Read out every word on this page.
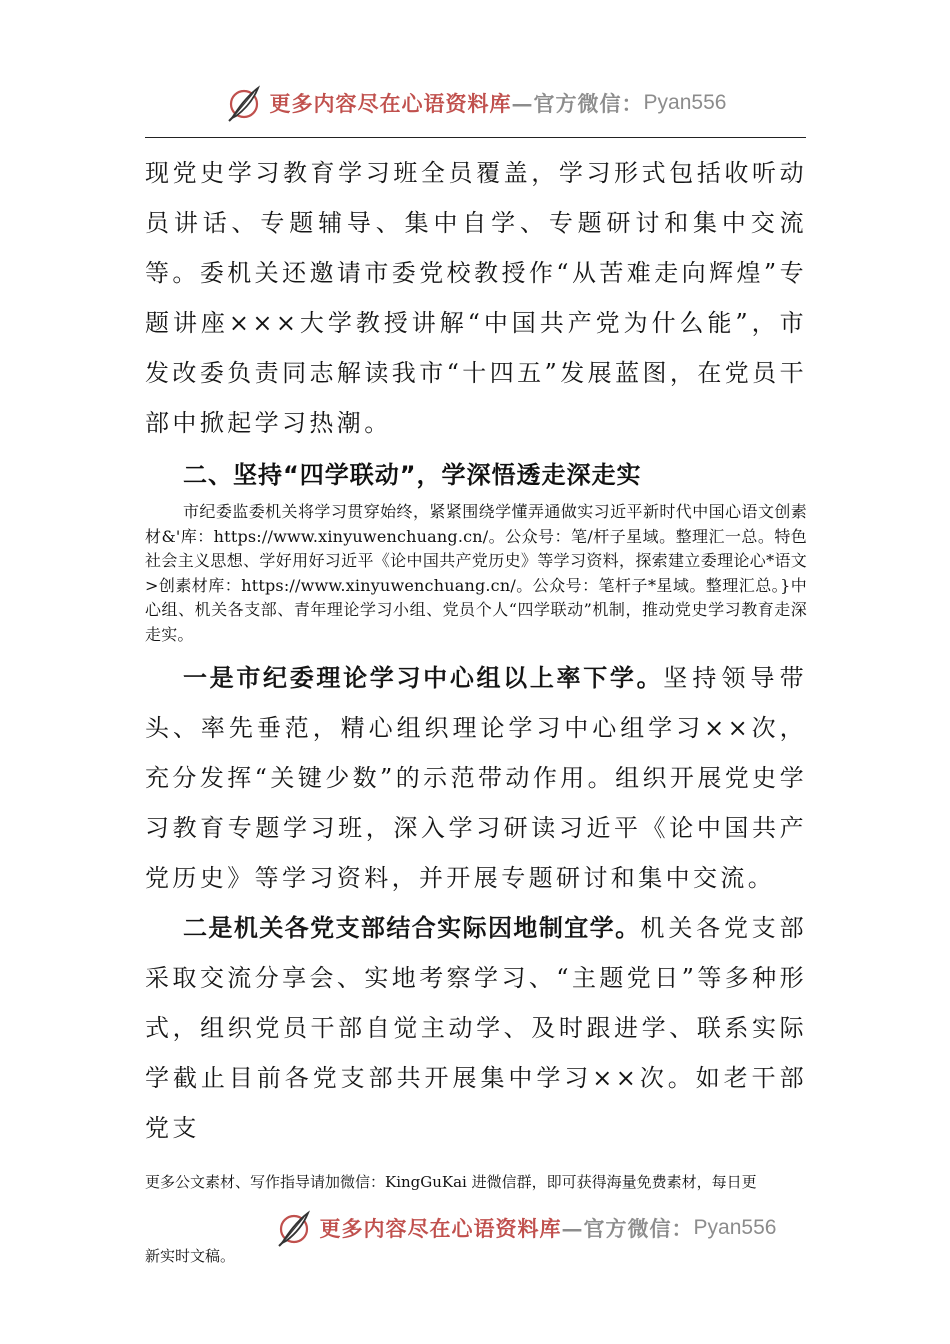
更多内容尽在心语资料库 —官方微信： Pyan556

现党史学习教育学习班全员覆盖，学习形式包括收听动员讲话、专题辅导、集中自学、专题研讨和集中交流等。委机关还邀请市委党校教授作“从苦难走向辉煌”专题讲座×××大学教授讲解“中国共产党为什么能”，市发改委负责同志解读我市“十四五”发展蓝图，在党员干部中掀起学习热潮。

二、坚持“四学联动”，学深悟透走深走实

市纪委监委机关将学习贯穿始终，紧紧围绕学懂弄通做实习近平新时代中国心语文创素材&'库：https://www.xinyuwenchuang.cn/。公众号：笔/杆子星域。整理汇一总。特色社会主义思想、学好用好习近平《论中国共产党历史》等学习资料，探索建立委理论心*语文>创素材库：https://www.xinyuwenchuang.cn/。公众号：笔杆子*星域。整理汇总。}中心组、机关各支部、青年理论学习小组、党员个人“四学联动”机制，推动党史学习教育走深走实。

一是市纪委理论学习中心组以上率下学。坚持领导带头、率先垂范，精心组织理论学习中心组学习××次，充分发挥“关键少数”的示范带动作用。组织开展党史学习教育专题学习班，深入学习研读习近平《论中国共产党历史》等学习资料，并开展专题研讨和集中交流。

二是机关各党支部结合实际因地制宜学。机关各党支部采取交流分享会、实地考察学习、“主题党日”等多种形式，组织党员干部自觉主动学、及时跟进学、联系实际学截止目前各党支部共开展集中学习××次。如老干部党支

更多公文素材、写作指导请加微信：KingGuKai 进微信群，即可获得海量免费素材，每日更
更多内容尽在心语资料库 —官方微信： Pyan556
新实时文稿。
